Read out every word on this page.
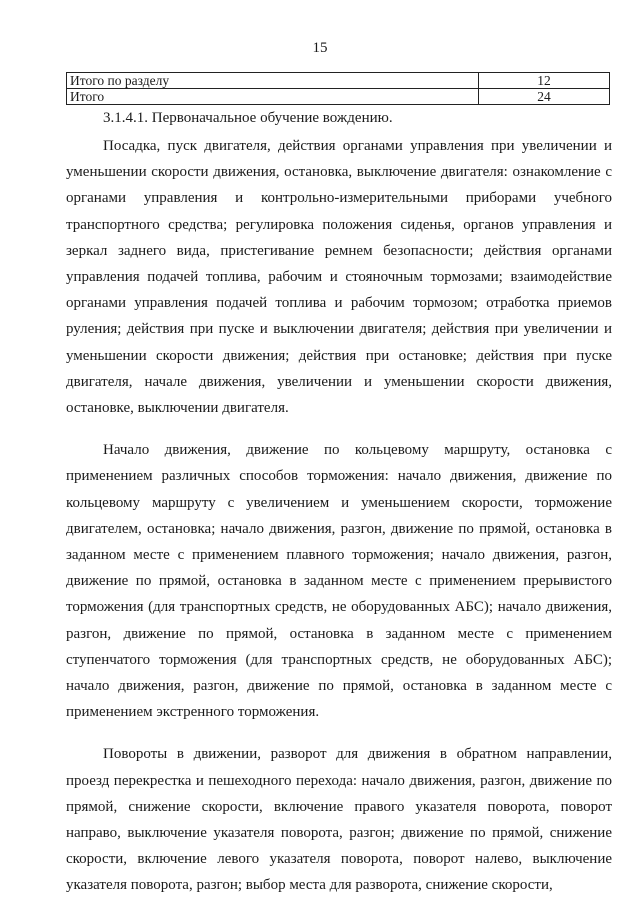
15
Итого по разделу	12
Итого	24
3.1.4.1. Первоначальное обучение вождению.

Посадка, пуск двигателя, действия органами управления при увеличении и уменьшении скорости движения, остановка, выключение двигателя: ознакомление с органами управления и контрольно-измерительными приборами учебного транспортного средства; регулировка положения сиденья, органов управления и зеркал заднего вида, пристегивание ремнем безопасности; действия органами управления подачей топлива, рабочим и стояночным тормозами; взаимодействие органами управления подачей топлива и рабочим тормозом; отработка приемов руления; действия при пуске и выключении двигателя; действия при увеличении и уменьшении скорости движения; действия при остановке; действия при пуске двигателя, начале движения, увеличении и уменьшении скорости движения, остановке, выключении двигателя.

Начало движения, движение по кольцевому маршруту, остановка с применением различных способов торможения: начало движения, движение по кольцевому маршруту с увеличением и уменьшением скорости, торможение двигателем, остановка; начало движения, разгон, движение по прямой, остановка в заданном месте с применением плавного торможения; начало движения, разгон, движение по прямой, остановка в заданном месте с применением прерывистого торможения (для транспортных средств, не оборудованных АБС); начало движения, разгон, движение по прямой, остановка в заданном месте с применением ступенчатого торможения (для транспортных средств, не оборудованных АБС); начало движения, разгон, движение по прямой, остановка в заданном месте с применением экстренного торможения.

Повороты в движении, разворот для движения в обратном направлении, проезд перекрестка и пешеходного перехода: начало движения, разгон, движение по прямой, снижение скорости, включение правого указателя поворота, поворот направо, выключение указателя поворота, разгон; движение по прямой, снижение скорости, включение левого указателя поворота, поворот налево, выключение указателя поворота, разгон; выбор места для разворота, снижение скорости,
